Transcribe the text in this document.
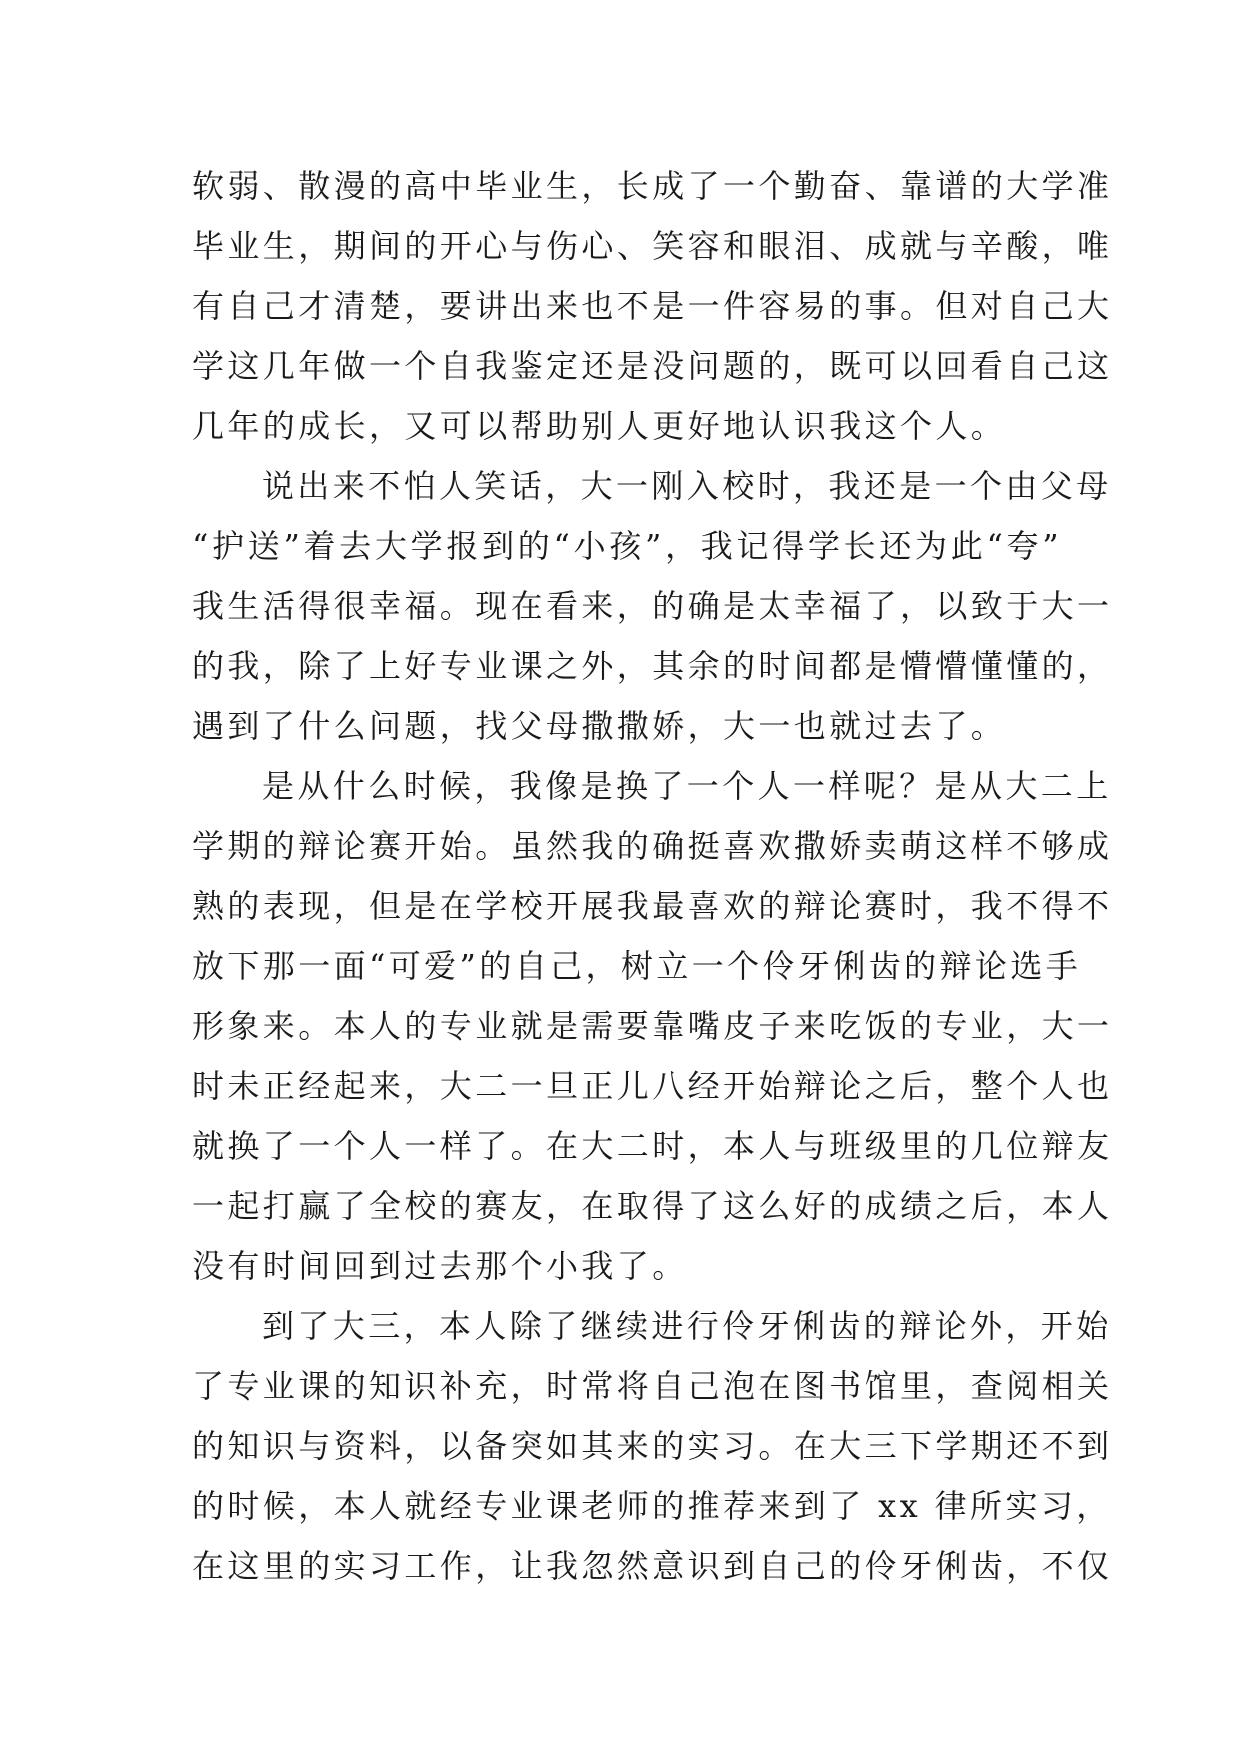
软弱、散漫的高中毕业生，长成了一个勤奋、靠谱的大学准
毕业生，期间的开心与伤心、笑容和眼泪、成就与辛酸，唯
有自己才清楚，要讲出来也不是一件容易的事。但对自己大
学这几年做一个自我鉴定还是没问题的，既可以回看自己这
几年的成长，又可以帮助别人更好地认识我这个人。
说出来不怕人笑话，大一刚入校时，我还是一个由父母
“护送”着去大学报到的“小孩”，我记得学长还为此“夸”
我生活得很幸福。现在看来，的确是太幸福了，以致于大一
的我，除了上好专业课之外，其余的时间都是懵懵懂懂的，
遇到了什么问题，找父母撒撒娇，大一也就过去了。
是从什么时候，我像是换了一个人一样呢？是从大二上
学期的辩论赛开始。虽然我的确挺喜欢撒娇卖萌这样不够成
熟的表现，但是在学校开展我最喜欢的辩论赛时，我不得不
放下那一面“可爱”的自己，树立一个伶牙俐齿的辩论选手
形象来。本人的专业就是需要靠嘴皮子来吃饭的专业，大一
时未正经起来，大二一旦正儿八经开始辩论之后，整个人也
就换了一个人一样了。在大二时，本人与班级里的几位辩友
一起打赢了全校的赛友，在取得了这么好的成绩之后，本人
没有时间回到过去那个小我了。
到了大三，本人除了继续进行伶牙俐齿的辩论外，开始
了专业课的知识补充，时常将自己泡在图书馆里，查阅相关
的知识与资料，以备突如其来的实习。在大三下学期还不到
的时候，本人就经专业课老师的推荐来到了 xx 律所实习，
在这里的实习工作，让我忽然意识到自己的伶牙俐齿，不仅
